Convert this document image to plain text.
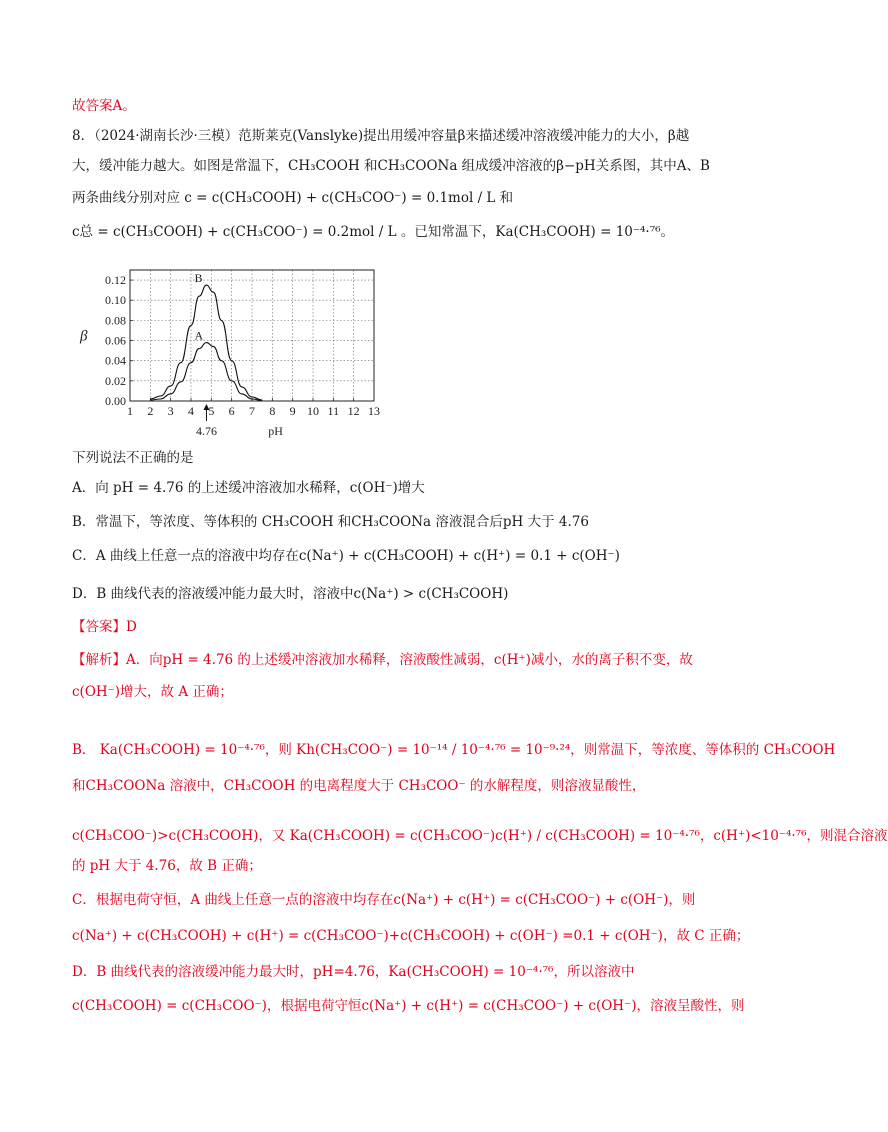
故答案A。
8．（2024·湖南长沙·三模）范斯莱克(Vanslyke)提出用缓冲容量β来描述缓冲溶液缓冲能力的大小，β越
大，缓冲能力越大。如图是常温下，CH₃COOH 和CH₃COONa 组成缓冲溶液的β−pH关系图，其中A、B
两条曲线分别对应 c = c(CH₃COOH) + c(CH₃COO⁻) = 0.1mol / L 和
c总 = c(CH₃COOH) + c(CH₃COO⁻) = 0.2mol / L 。已知常温下，Ka(CH₃COOH) = 10⁻⁴·⁷⁶。
0.00
0.02
0.04
0.06
0.08
0.10
0.12
1 2 3 4 5 6 7 8 9 10 11 12 13
β
pH
A
B
4.76
下列说法不正确的是
A．向 pH = 4.76 的上述缓冲溶液加水稀释，c(OH⁻)增大
B．常温下，等浓度、等体积的 CH₃COOH 和CH₃COONa 溶液混合后pH 大于 4.76
C．A 曲线上任意一点的溶液中均存在c(Na⁺) + c(CH₃COOH) + c(H⁺) = 0.1 + c(OH⁻)
D．B 曲线代表的溶液缓冲能力最大时，溶液中c(Na⁺) > c(CH₃COOH)
【答案】D
【解析】A．向pH = 4.76 的上述缓冲溶液加水稀释，溶液酸性减弱，c(H⁺)减小，水的离子积不变，故
c(OH⁻)增大，故 A 正确；
B． Ka(CH₃COOH) = 10⁻⁴·⁷⁶，则 Kh(CH₃COO⁻) = 10⁻¹⁴ / 10⁻⁴·⁷⁶ = 10⁻⁹·²⁴，则常温下，等浓度、等体积的 CH₃COOH
和CH₃COONa 溶液中，CH₃COOH 的电离程度大于 CH₃COO⁻ 的水解程度，则溶液显酸性，
c(CH₃COO⁻)>c(CH₃COOH)，又 Ka(CH₃COOH) = c(CH₃COO⁻)c(H⁺) / c(CH₃COOH) = 10⁻⁴·⁷⁶，c(H⁺)<10⁻⁴·⁷⁶，则混合溶液
的 pH 大于 4.76，故 B 正确；
C．根据电荷守恒，A 曲线上任意一点的溶液中均存在c(Na⁺) + c(H⁺) = c(CH₃COO⁻) + c(OH⁻)，则
c(Na⁺) + c(CH₃COOH) + c(H⁺) = c(CH₃COO⁻)+c(CH₃COOH) + c(OH⁻) =0.1 + c(OH⁻)，故 C 正确；
D．B 曲线代表的溶液缓冲能力最大时，pH=4.76，Ka(CH₃COOH) = 10⁻⁴·⁷⁶，所以溶液中
c(CH₃COOH) = c(CH₃COO⁻)，根据电荷守恒c(Na⁺) + c(H⁺) = c(CH₃COO⁻) + c(OH⁻)，溶液呈酸性，则
